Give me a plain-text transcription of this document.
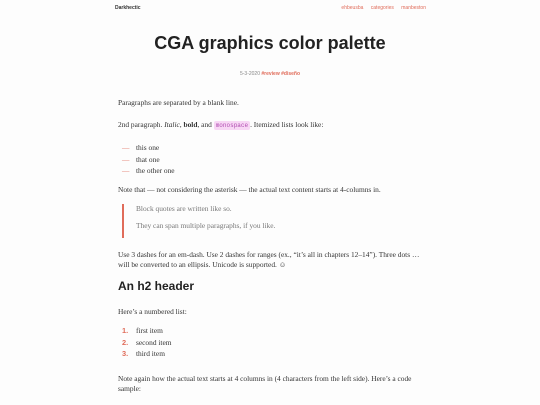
Darkhectic	ehbeusba categories manbeston
CGA graphics color palette
5-3-2020 #review #diseño

Paragraphs are separated by a blank line.

2nd paragraph. Italic, bold, and monospace . Itemized lists look like:

— this one
— that one
— the other one

Note that — not considering the asterisk — the actual text content starts at 4-columns in.

Block quotes are written like so.

They can span multiple paragraphs, if you like.

Use 3 dashes for an em-dash. Use 2 dashes for ranges (ex., “it’s all in chapters 12–14”). Three dots … will be converted to an ellipsis. Unicode is supported. ☺

An h2 header

Here’s a numbered list:

1. first item
2. second item
3. third item

Note again how the actual text starts at 4 columns in (4 characters from the left side). Here’s a code sample:
